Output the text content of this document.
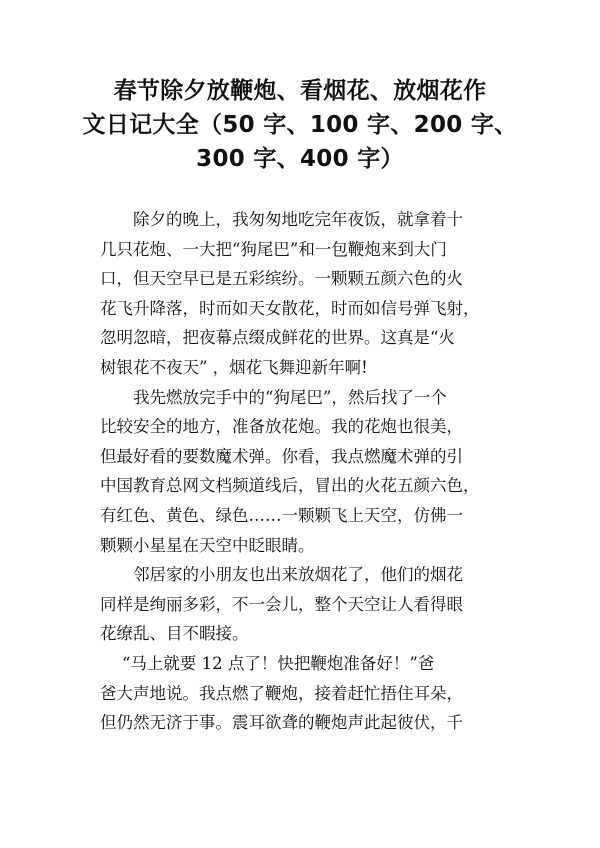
春节除夕放鞭炮、看烟花、放烟花作
文日记大全（50 字、100 字、200 字、
300 字、400 字）
除夕的晚上，我匆匆地吃完年夜饭，就拿着十
几只花炮、一大把“狗尾巴”和一包鞭炮来到大门
口，但天空早已是五彩缤纷。一颗颗五颜六色的火
花飞升降落，时而如天女散花，时而如信号弹飞射，
忽明忽暗，把夜幕点缀成鲜花的世界。这真是“火
树银花不夜天” ，烟花飞舞迎新年啊!
我先燃放完手中的“狗尾巴”，然后找了一个
比较安全的地方，准备放花炮。我的花炮也很美，
但最好看的要数魔术弹。你看，我点燃魔术弹的引
中国教育总网文档频道线后，冒出的火花五颜六色，
有红色、黄色、绿色……一颗颗飞上天空，仿佛一
颗颗小星星在天空中眨眼睛。
邻居家的小朋友也出来放烟花了，他们的烟花
同样是绚丽多彩，不一会儿，整个天空让人看得眼
花缭乱、目不暇接。
“马上就要 12 点了！快把鞭炮准备好！”爸
爸大声地说。我点燃了鞭炮，接着赶忙捂住耳朵，
但仍然无济于事。震耳欲聋的鞭炮声此起彼伏，千
